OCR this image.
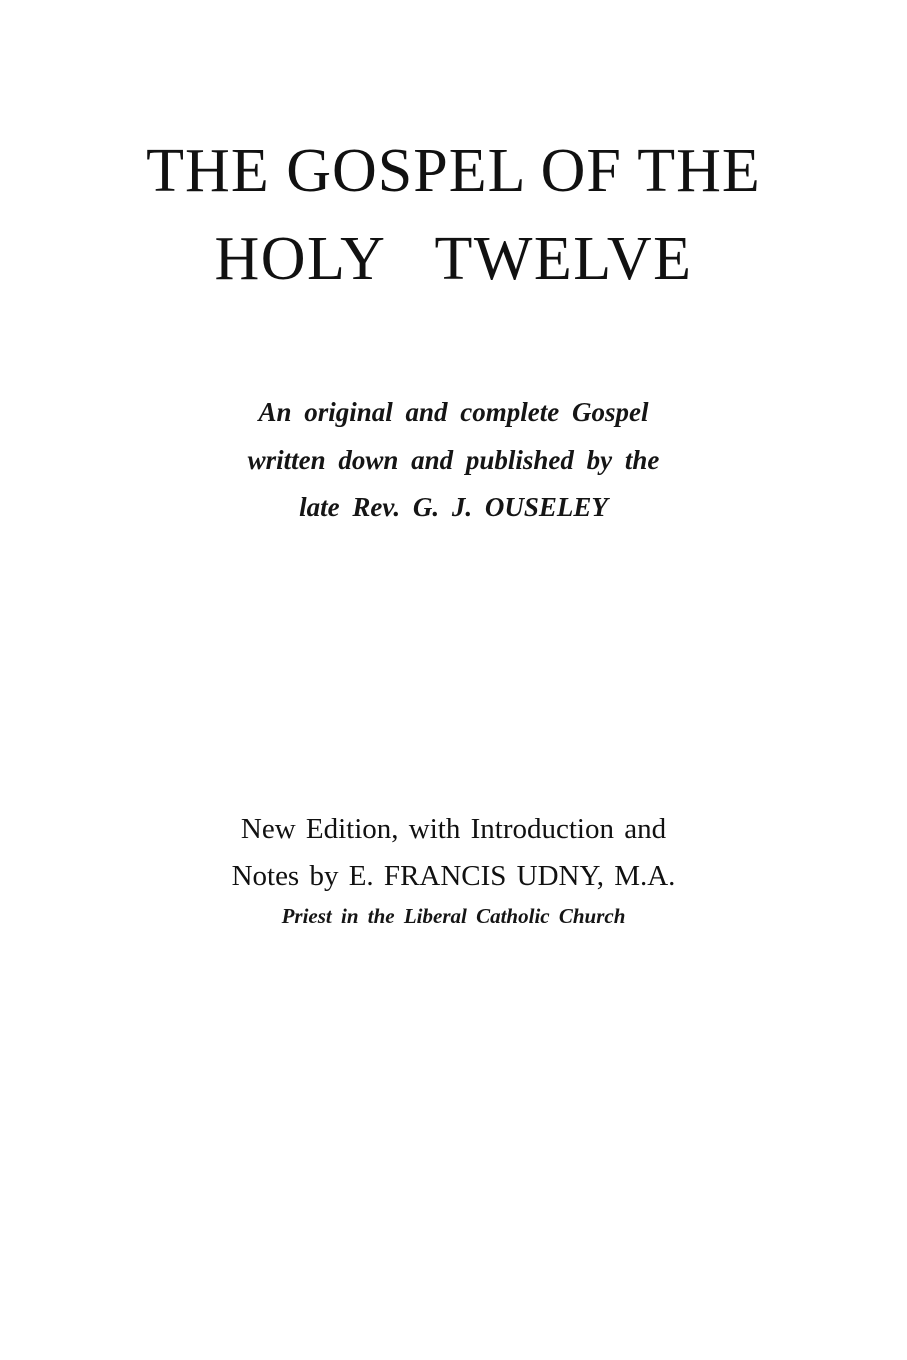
THE GOSPEL OF THE
HOLY TWELVE

An original and complete Gospel

written down and published by the

late Rev. G. J. OUSELEY

New Edition, with Introduction and

Notes by E. FRANCIS UDNY, M.A.

Priest in the Liberal Catholic Church
